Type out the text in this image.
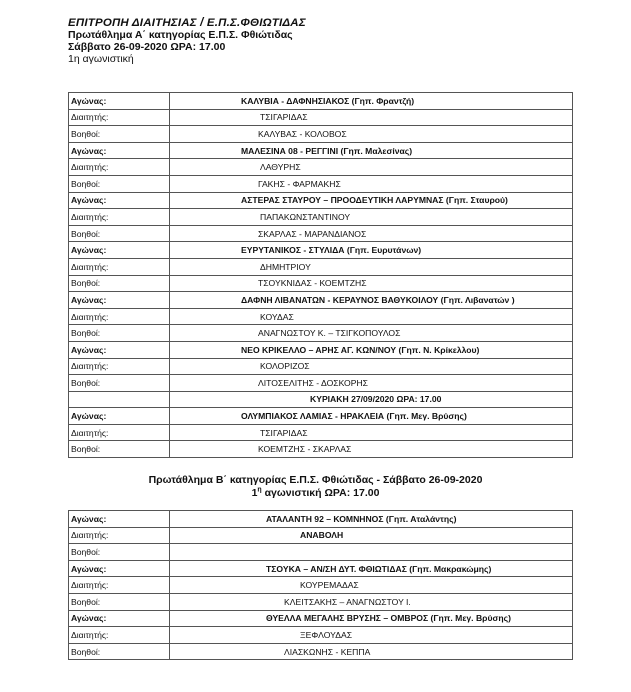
ΕΠΙΤΡΟΠΗ ΔΙΑΙΤΗΣΙΑΣ / Ε.Π.Σ.ΦΘΙΩΤΙΔΑΣ
Πρωτάθλημα Α΄ κατηγορίας Ε.Π.Σ. Φθιώτιδας
Σάββατο 26-09-2020 ΩΡΑ: 17.00
1η αγωνιστική
Αγώνας:	ΚΑΛΥΒΙΑ - ΔΑΦΝΗΣΙΑΚΟΣ (Γηπ. Φραντζή)

Διαιτητής:	ΤΣΙΓΑΡΙΔΑΣ

Βοηθοί:	ΚΑΛΥΒΑΣ - ΚΟΛΟΒΟΣ

Αγώνας:	ΜΑΛΕΣΙΝΑ 08 - ΡΕΓΓΙΝΙ (Γηπ. Μαλεσίνας)

Διαιτητής:	ΛΑΘΥΡΗΣ

Βοηθοί:	ΓΑΚΗΣ - ΦΑΡΜΑΚΗΣ

Αγώνας:	ΑΣΤΕΡΑΣ ΣΤΑΥΡΟΥ – ΠΡΟΟΔΕΥΤΙΚΗ ΛΑΡΥΜΝΑΣ (Γηπ. Σταυρού)

Διαιτητής:	ΠΑΠΑΚΩΝΣΤΑΝΤΙΝΟΥ

Βοηθοί:	ΣΚΑΡΛΑΣ - ΜΑΡΑΝΔΙΑΝΟΣ

Αγώνας:	ΕΥΡΥΤΑΝΙΚΟΣ - ΣΤΥΛΙΔΑ (Γηπ. Ευρυτάνων)

Διαιτητής:	ΔΗΜΗΤΡΙΟΥ

Βοηθοί:	ΤΣΟΥΚΝΙΔΑΣ - ΚΟΕΜΤΖΗΣ

Αγώνας:	ΔΑΦΝΗ ΛΙΒΑΝΑΤΩΝ - ΚΕΡΑΥΝΟΣ ΒΑΘΥΚΟΙΛΟΥ (Γηπ. Λιβανατών )

Διαιτητής:	ΚΟΥΔΑΣ

Βοηθοί:	ΑΝΑΓΝΩΣΤΟΥ Κ. – ΤΣΙΓΚΟΠΟΥΛΟΣ

Αγώνας:	ΝΕΟ ΚΡΙΚΕΛΛΟ – ΑΡΗΣ ΑΓ. ΚΩΝ/ΝΟΥ (Γηπ. Ν. Κρίκελλου)

Διαιτητής:	ΚΟΛΟΡΙΖΟΣ

Βοηθοί:	ΛΙΤΟΣΕΛΙΤΗΣ - ΔΟΣΚΟΡΗΣ

	ΚΥΡΙΑΚΗ 27/09/2020 ΩΡΑ: 17.00

Αγώνας:	ΟΛΥΜΠΙΑΚΟΣ ΛΑΜΙΑΣ - ΗΡΑΚΛΕΙΑ (Γηπ. Μεγ. Βρύσης)

Διαιτητής:	ΤΣΙΓΑΡΙΔΑΣ

Βοηθοί:	ΚΟΕΜΤΖΗΣ - ΣΚΑΡΛΑΣ
Πρωτάθλημα Β΄ κατηγορίας Ε.Π.Σ. Φθιώτιδας - Σάββατο 26-09-2020
$1^\eta$ αγωνιστική ΩΡΑ: 17.00
Αγώνας:	ΑΤΑΛΑΝΤΗ 92 – ΚΟΜΝΗΝΟΣ (Γηπ. Αταλάντης)

Διαιτητής:	ΑΝΑΒΟΛΗ

Βοηθοί:	

Αγώνας:	ΤΣΟΥΚΑ – ΑΝ/ΣΗ ΔΥΤ. ΦΘΙΩΤΙΔΑΣ (Γηπ. Μακρακώμης)

Διαιτητής:	ΚΟΥΡΕΜΑΔΑΣ

Βοηθοί:	ΚΛΕΙΤΣΑΚΗΣ – ΑΝΑΓΝΩΣΤΟΥ Ι.

Αγώνας:	ΘΥΕΛΛΑ ΜΕΓΑΛΗΣ ΒΡΥΣΗΣ – ΟΜΒΡΟΣ (Γηπ. Μεγ. Βρύσης)

Διαιτητής:	ΞΕΦΛΟΥΔΑΣ

Βοηθοί:	ΛΙΑΣΚΩΝΗΣ - ΚΕΠΠΑ
